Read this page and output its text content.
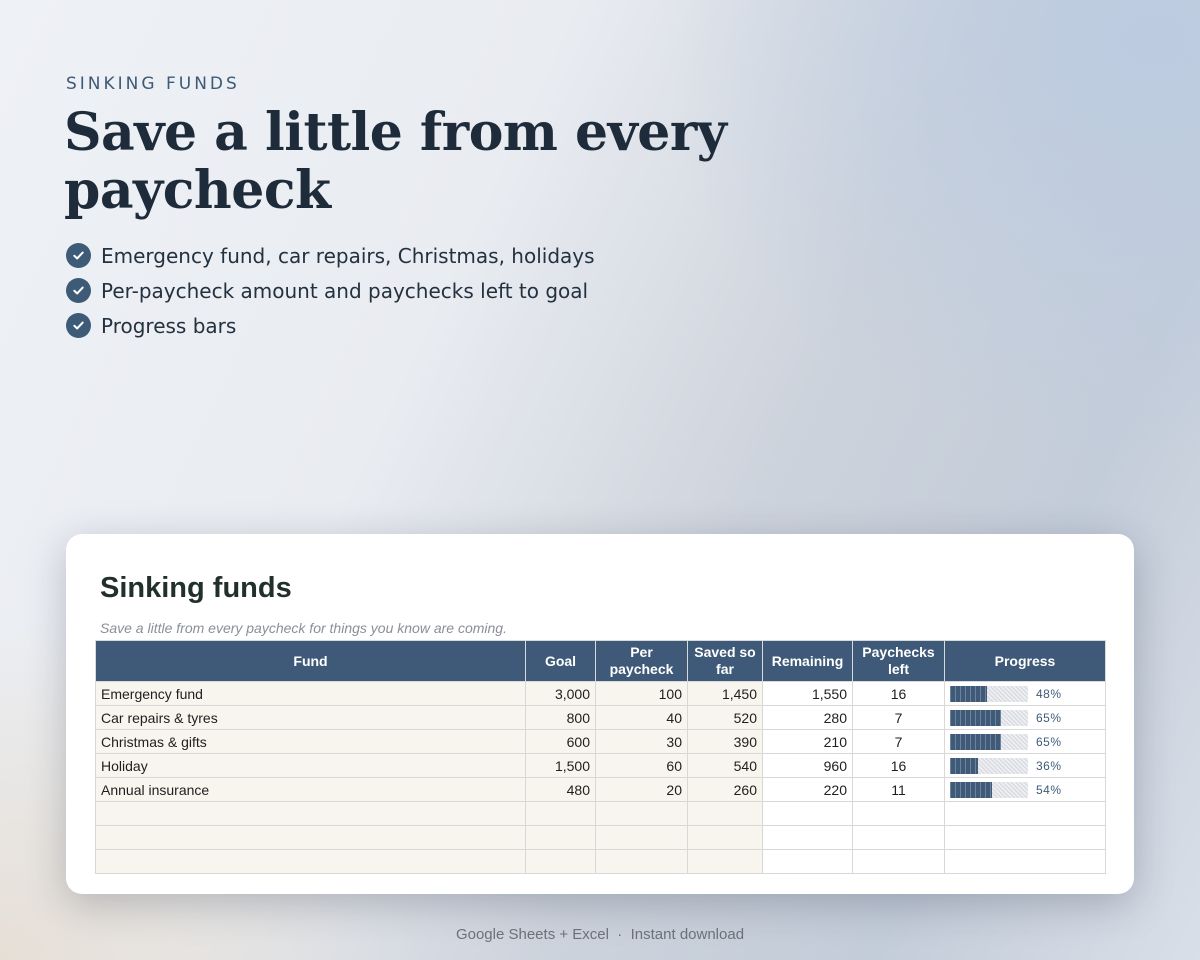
SINKING FUNDS
Save a little from every paycheck
Emergency fund, car repairs, Christmas, holidays
Per-paycheck amount and paychecks left to goal
Progress bars
Sinking funds
Save a little from every paycheck for things you know are coming.
Fund	Goal	Per paycheck	Saved so far	Remaining	Paychecks left	Progress
Emergency fund	3,000	100	1,450	1,550	16	48%

Car repairs & tyres	800	40	520	280	7	65%

Christmas & gifts	600	30	390	210	7	65%

Holiday	1,500	60	540	960	16	36%

Annual insurance	480	20	260	220	11	54%

Google Sheets + Excel  ·  Instant download
